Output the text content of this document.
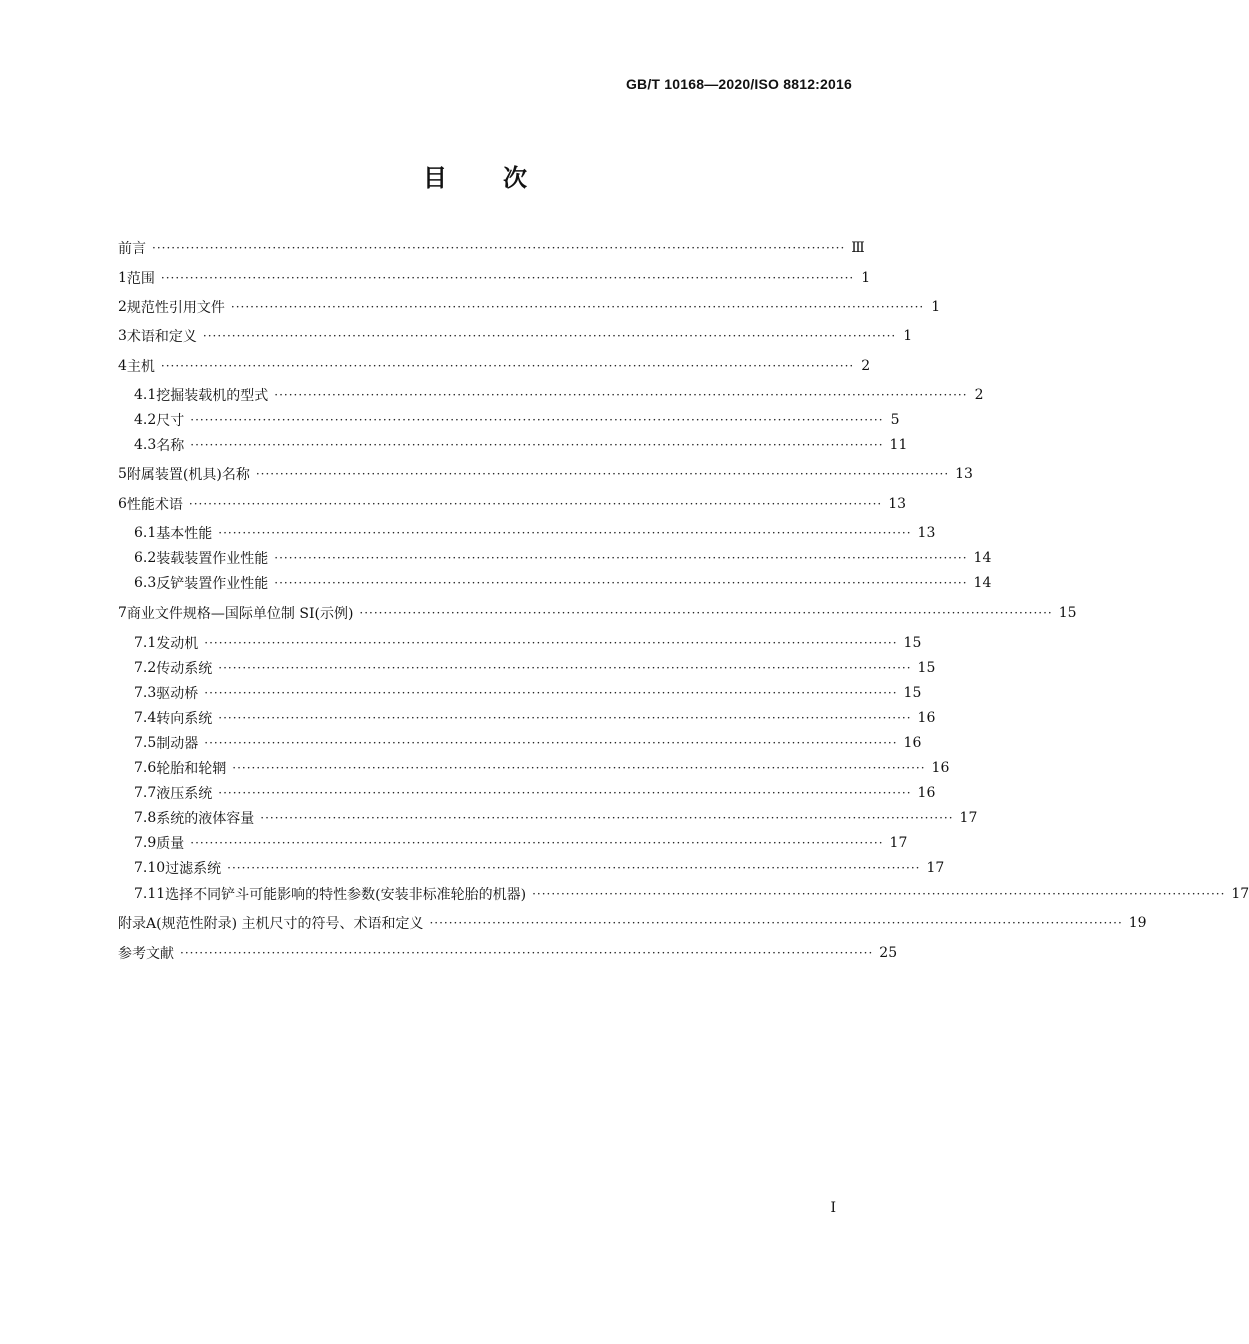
GB/T 10168—2020/ISO 8812:2016
目次
前言 ················································································································································ Ⅲ
1 范围 ················································································································································ 1
2 规范性引用文件 ················································································································································ 1
3 术语和定义 ················································································································································ 1
4 主机 ················································································································································ 2
4.1 挖掘装载机的型式 ················································································································································ 2
4.2 尺寸 ················································································································································ 5
4.3 名称 ················································································································································ 11
5 附属装置(机具)名称 ················································································································································ 13
6 性能术语 ················································································································································ 13
6.1 基本性能 ················································································································································ 13
6.2 装载装置作业性能 ················································································································································ 14
6.3 反铲装置作业性能 ················································································································································ 14
7 商业文件规格—国际单位制 SI(示例) ················································································································································ 15
7.1 发动机 ················································································································································ 15
7.2 传动系统 ················································································································································ 15
7.3 驱动桥 ················································································································································ 15
7.4 转向系统 ················································································································································ 16
7.5 制动器 ················································································································································ 16
7.6 轮胎和轮辋 ················································································································································ 16
7.7 液压系统 ················································································································································ 16
7.8 系统的液体容量 ················································································································································ 17
7.9 质量 ················································································································································ 17
7.10 过滤系统 ················································································································································ 17
7.11 选择不同铲斗可能影响的特性参数(安装非标准轮胎的机器) ················································································································································ 17
附录A(规范性附录) 主机尺寸的符号、术语和定义 ················································································································································ 19
参考文献 ················································································································································ 25
I
